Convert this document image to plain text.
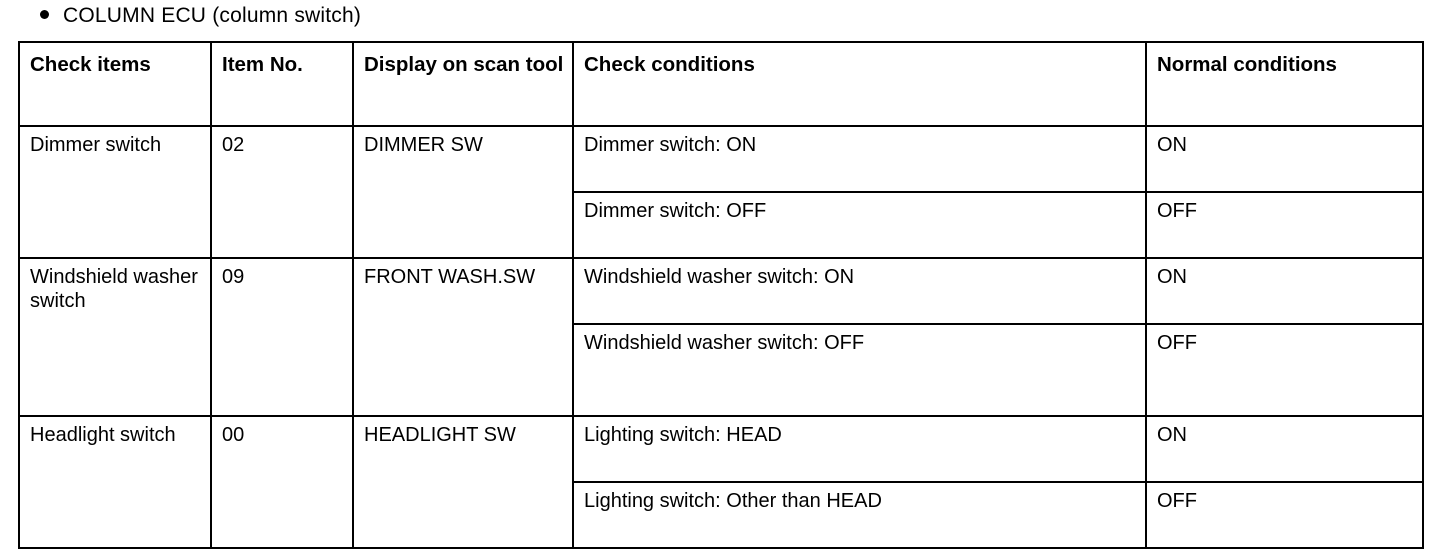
COLUMN ECU (column switch)
Check items	Item No.	Display on scan tool	Check conditions	Normal conditions
Dimmer switch	02	DIMMER SW	Dimmer switch: ON	ON
			Dimmer switch: OFF	OFF
Windshield washer switch	09	FRONT WASH.SW	Windshield washer switch: ON	ON
			Windshield washer switch: OFF	OFF
Headlight switch	00	HEADLIGHT SW	Lighting switch: HEAD	ON
			Lighting switch: Other than HEAD	OFF
